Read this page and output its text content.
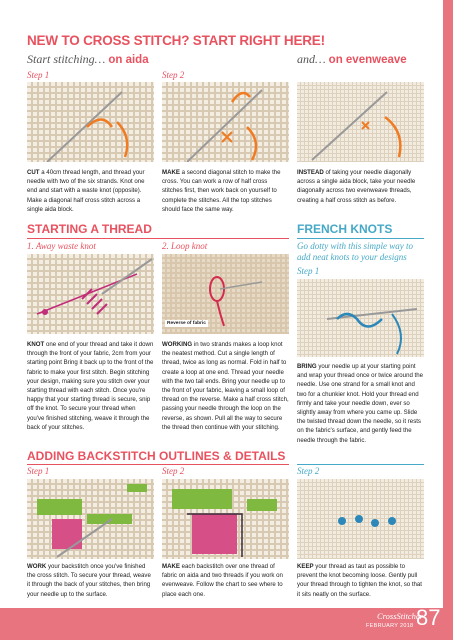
NEW TO CROSS STITCH? START RIGHT HERE!
Start stitching… on aida	and… on evenweave
Step 1	Step 2
CUT a 40cm thread length, and thread your needle with two of the six strands. Knot one end and start with a waste knot (opposite). Make a diagonal half cross stitch across a single aida block.
MAKE a second diagonal stitch to make the cross. You can work a row of half cross stitches first, then work back on yourself to complete the stitches. All the top stitches should face the same way.
INSTEAD of taking your needle diagonally across a single aida block, take your needle diagonally across two evenweave threads, creating a half cross stitch as before.
STARTING A THREAD
1. Away waste knot	2. Loop knot
Reverse of fabric
KNOT one end of your thread and take it down through the front of your fabric, 2cm from your starting point Bring it back up to the front of the fabric to make your first stitch. Begin stitching your design, making sure you stitch over your starting thread with each stitch. Once you're happy that your starting thread is secure, snip off the knot. To secure your thread when you've finished stitching, weave it through the back of your stitches.
WORKING in two strands makes a loop knot the neatest method. Cut a single length of thread, twice as long as normal. Fold in half to create a loop at one end. Thread your needle with the two tail ends. Bring your needle up to the front of your fabric, leaving a small loop of thread on the reverse. Make a half cross stitch, passing your needle through the loop on the reverse, as shown. Pull all the way to secure the thread then continue with your stitching.
FRENCH KNOTS
Go dotty with this simple way to add neat knots to your designs
Step 1
BRING your needle up at your starting point and wrap your thread once or twice around the needle. Use one strand for a small knot and two for a chunkier knot. Hold your thread end firmly and take your needle down, ever so slightly away from where you came up. Slide the twisted thread down the needle, so it rests on the fabric's surface, and gently feed the needle through the fabric.
ADDING BACKSTITCH OUTLINES & DETAILS
Step 1	Step 2	Step 2
WORK your backstitch once you've finished the cross stitch. To secure your thread, weave it through the back of your stitches, then bring your needle up to the surface.
MAKE each backstitch over one thread of fabric on aida and two threads if you work on evenweave. Follow the chart to see where to place each one.
KEEP your thread as taut as possible to prevent the knot becoming loose. Gently pull your thread through to tighten the knot, so that it sits neatly on the surface.
CrossStitcher
FEBRUARY 2018 87
